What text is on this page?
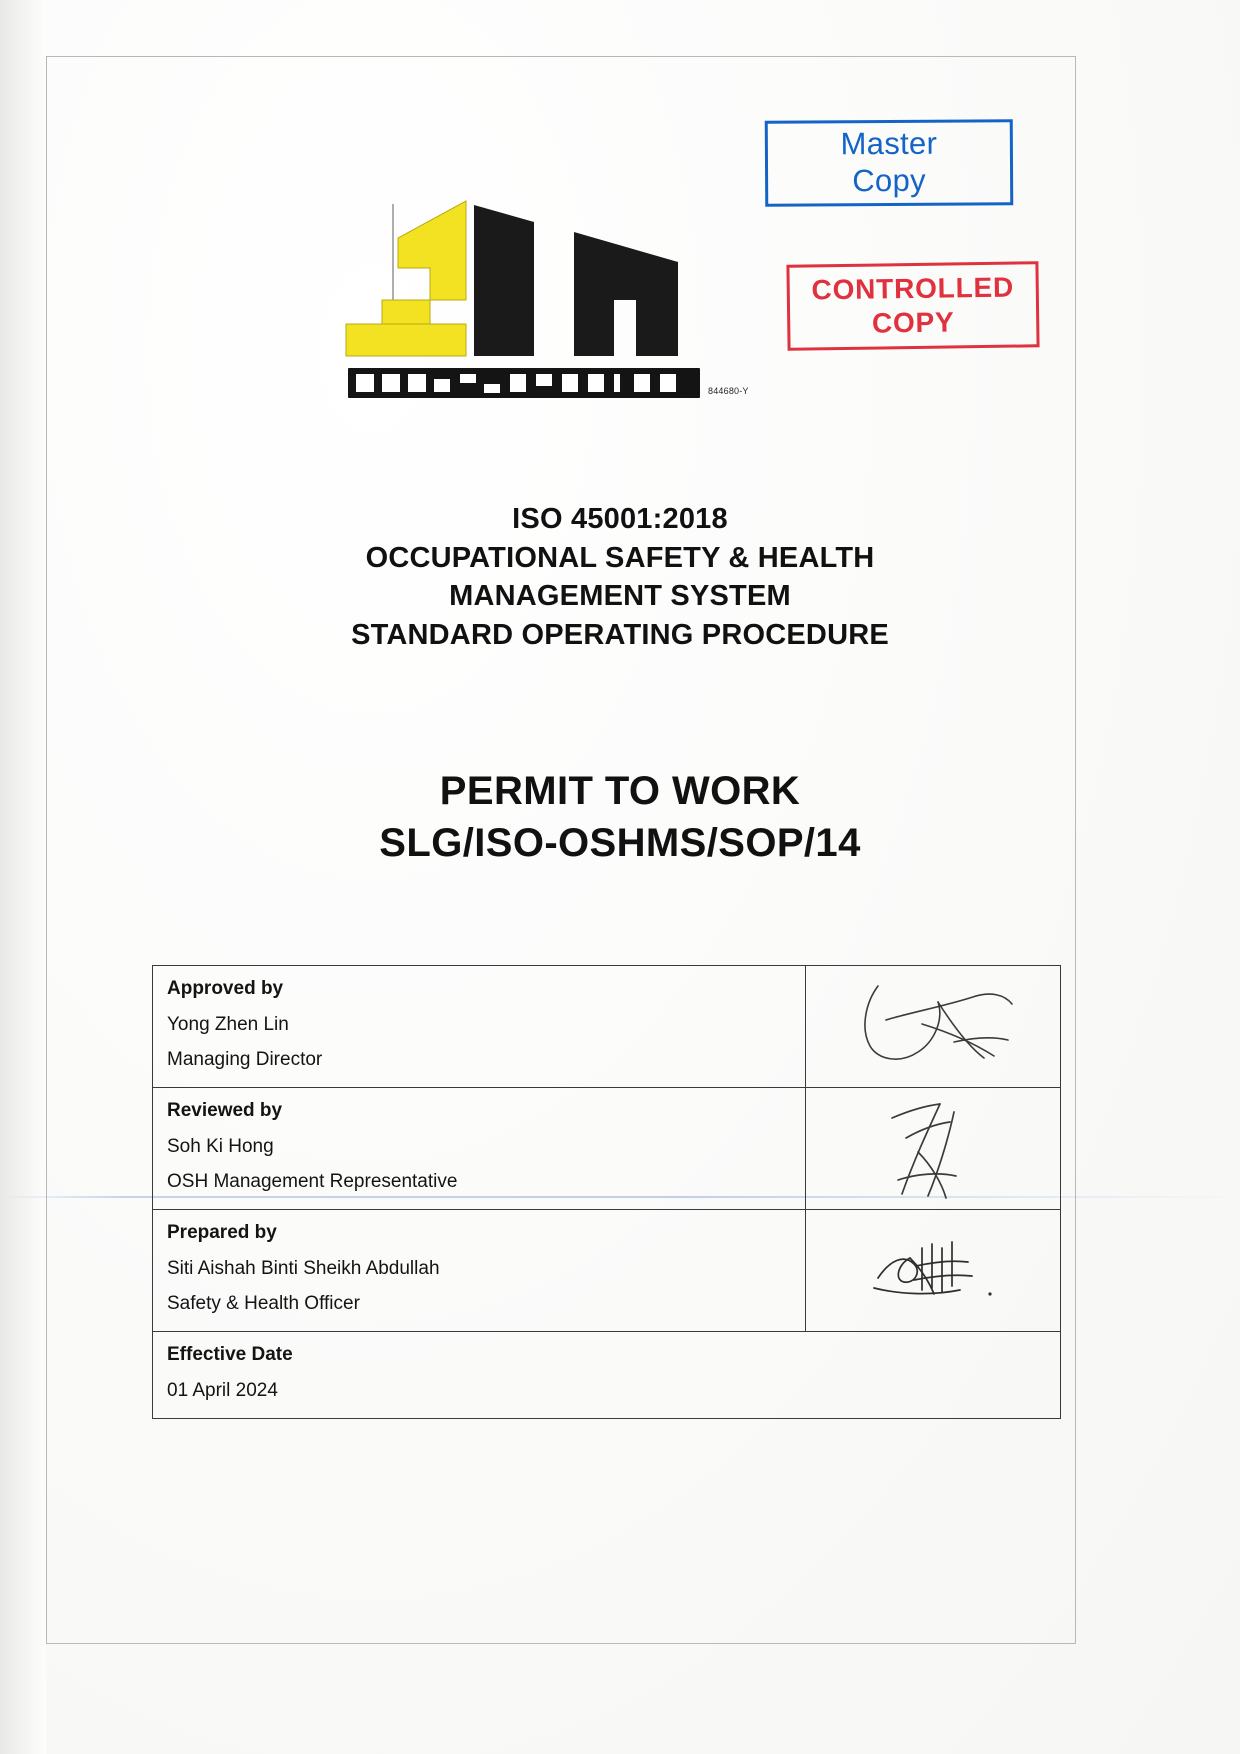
Master
Copy
CONTROLLED
COPY
844680-Y
ISO 45001:2018
OCCUPATIONAL SAFETY & HEALTH
MANAGEMENT SYSTEM
STANDARD OPERATING PROCEDURE
PERMIT TO WORK
SLG/ISO-OSHMS/SOP/14
Approved by
Yong Zhen Lin
Managing Director

Reviewed by
Soh Ki Hong
OSH Management Representative

Prepared by
Siti Aishah Binti Sheikh Abdullah
Safety & Health Officer

Effective Date
01 April 2024	
